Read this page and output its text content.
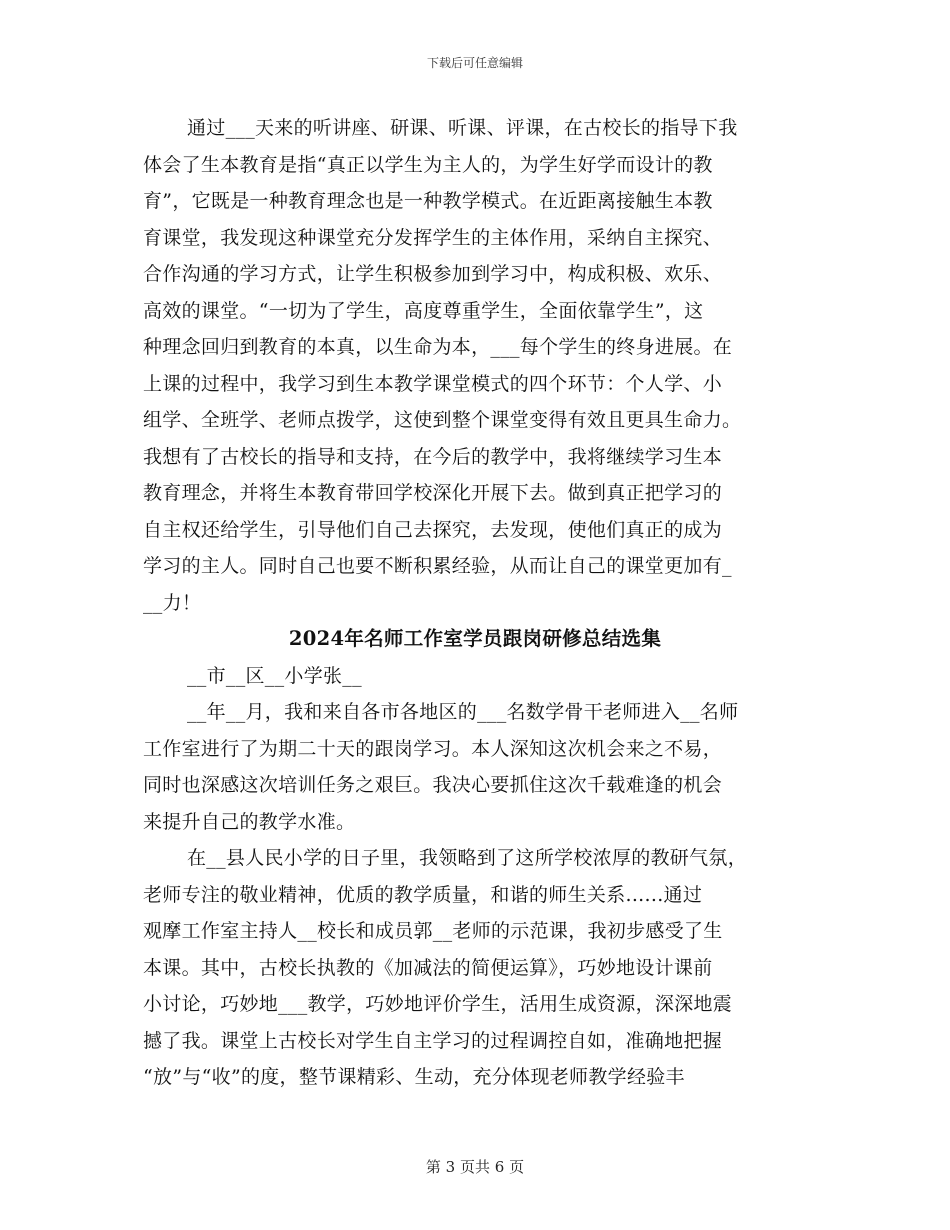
下载后可任意编辑
通过___天来的听讲座、研课、听课、评课，在古校长的指导下我
体会了生本教育是指“真正以学生为主人的，为学生好学而设计的教
育”，它既是一种教育理念也是一种教学模式。在近距离接触生本教
育课堂，我发现这种课堂充分发挥学生的主体作用，采纳自主探究、
合作沟通的学习方式，让学生积极参加到学习中，构成积极、欢乐、
高效的课堂。“一切为了学生，高度尊重学生，全面依靠学生”，这
种理念回归到教育的本真，以生命为本，___每个学生的终身进展。在
上课的过程中，我学习到生本教学课堂模式的四个环节：个人学、小
组学、全班学、老师点拨学，这使到整个课堂变得有效且更具生命力。
我想有了古校长的指导和支持，在今后的教学中，我将继续学习生本
教育理念，并将生本教育带回学校深化开展下去。做到真正把学习的
自主权还给学生，引导他们自己去探究，去发现，使他们真正的成为
学习的主人。同时自己也要不断积累经验，从而让自己的课堂更加有_
__力！
2024年名师工作室学员跟岗研修总结选集
__市__区__小学张__
__年__月，我和来自各市各地区的___名数学骨干老师进入__名师
工作室进行了为期二十天的跟岗学习。本人深知这次机会来之不易，
同时也深感这次培训任务之艰巨。我决心要抓住这次千载难逢的机会
来提升自己的教学水准。
在__县人民小学的日子里，我领略到了这所学校浓厚的教研气氛，
老师专注的敬业精神，优质的教学质量，和谐的师生关系......通过
观摩工作室主持人__校长和成员郭__老师的示范课，我初步感受了生
本课。其中，古校长执教的《加减法的简便运算》，巧妙地设计课前
小讨论，巧妙地___教学，巧妙地评价学生，活用生成资源，深深地震
撼了我。课堂上古校长对学生自主学习的过程调控自如，准确地把握
“放”与“收”的度，整节课精彩、生动，充分体现老师教学经验丰
第 3 页共 6 页
